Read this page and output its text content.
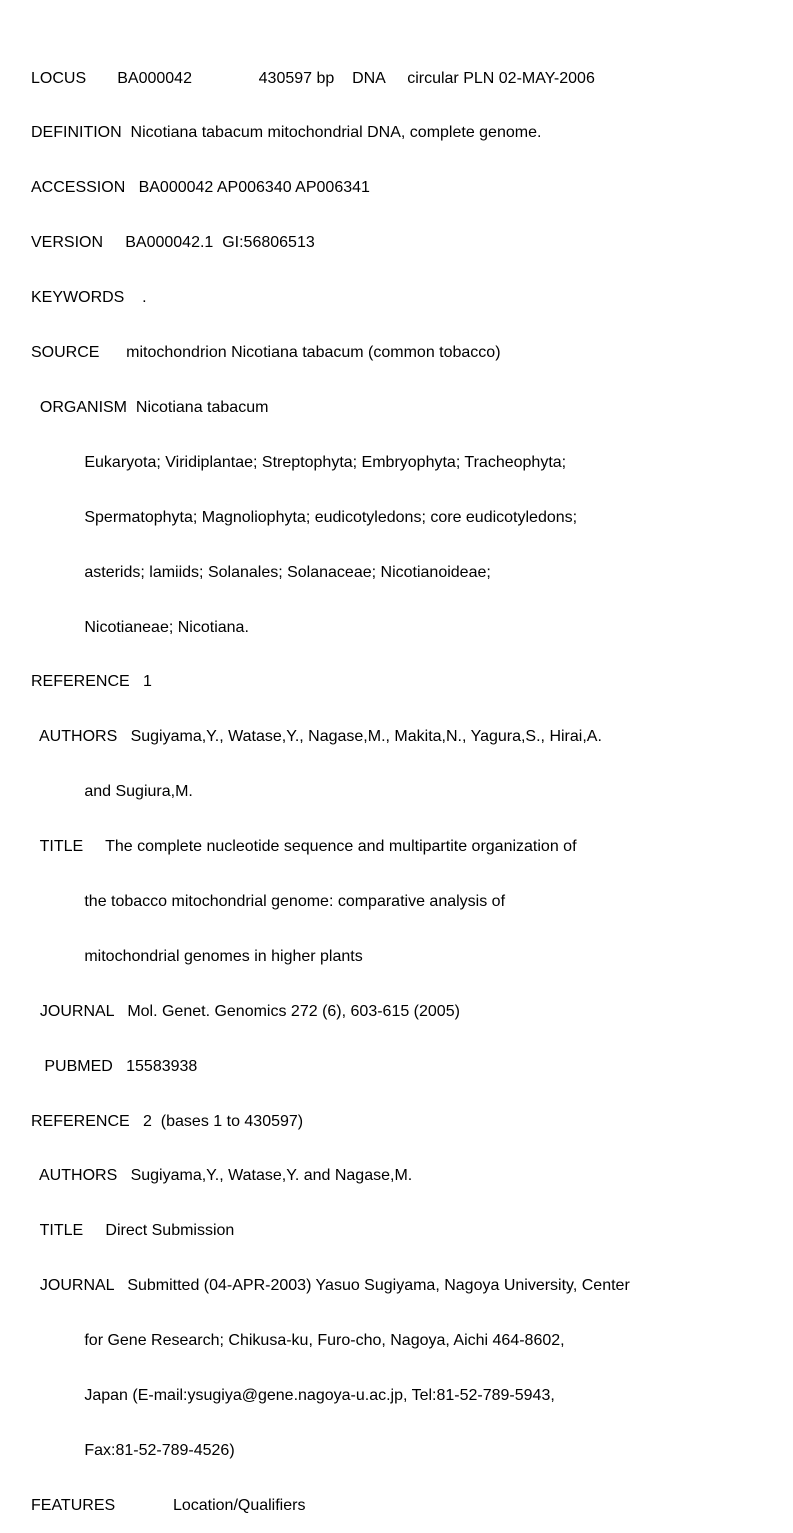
LOCUS       BA000042               430597 bp    DNA     circular PLN 02-MAY-2006

DEFINITION  Nicotiana tabacum mitochondrial DNA, complete genome.

ACCESSION   BA000042 AP006340 AP006341

VERSION     BA000042.1  GI:56806513

KEYWORDS    .

SOURCE      mitochondrion Nicotiana tabacum (common tobacco)

ORGANISM  Nicotiana tabacum

Eukaryota; Viridiplantae; Streptophyta; Embryophyta; Tracheophyta;

Spermatophyta; Magnoliophyta; eudicotyledons; core eudicotyledons;

asterids; lamiids; Solanales; Solanaceae; Nicotianoideae;

Nicotianeae; Nicotiana.

REFERENCE   1

AUTHORS   Sugiyama,Y., Watase,Y., Nagase,M., Makita,N., Yagura,S., Hirai,A.

and Sugiura,M.

TITLE     The complete nucleotide sequence and multipartite organization of

the tobacco mitochondrial genome: comparative analysis of

mitochondrial genomes in higher plants

JOURNAL   Mol. Genet. Genomics 272 (6), 603-615 (2005)

PUBMED   15583938

REFERENCE   2  (bases 1 to 430597)

AUTHORS   Sugiyama,Y., Watase,Y. and Nagase,M.

TITLE     Direct Submission

JOURNAL   Submitted (04-APR-2003) Yasuo Sugiyama, Nagoya University, Center

for Gene Research; Chikusa-ku, Furo-cho, Nagoya, Aichi 464-8602,

Japan (E-mail:ysugiya@gene.nagoya-u.ac.jp, Tel:81-52-789-5943,

Fax:81-52-789-4526)

FEATURES             Location/Qualifiers
